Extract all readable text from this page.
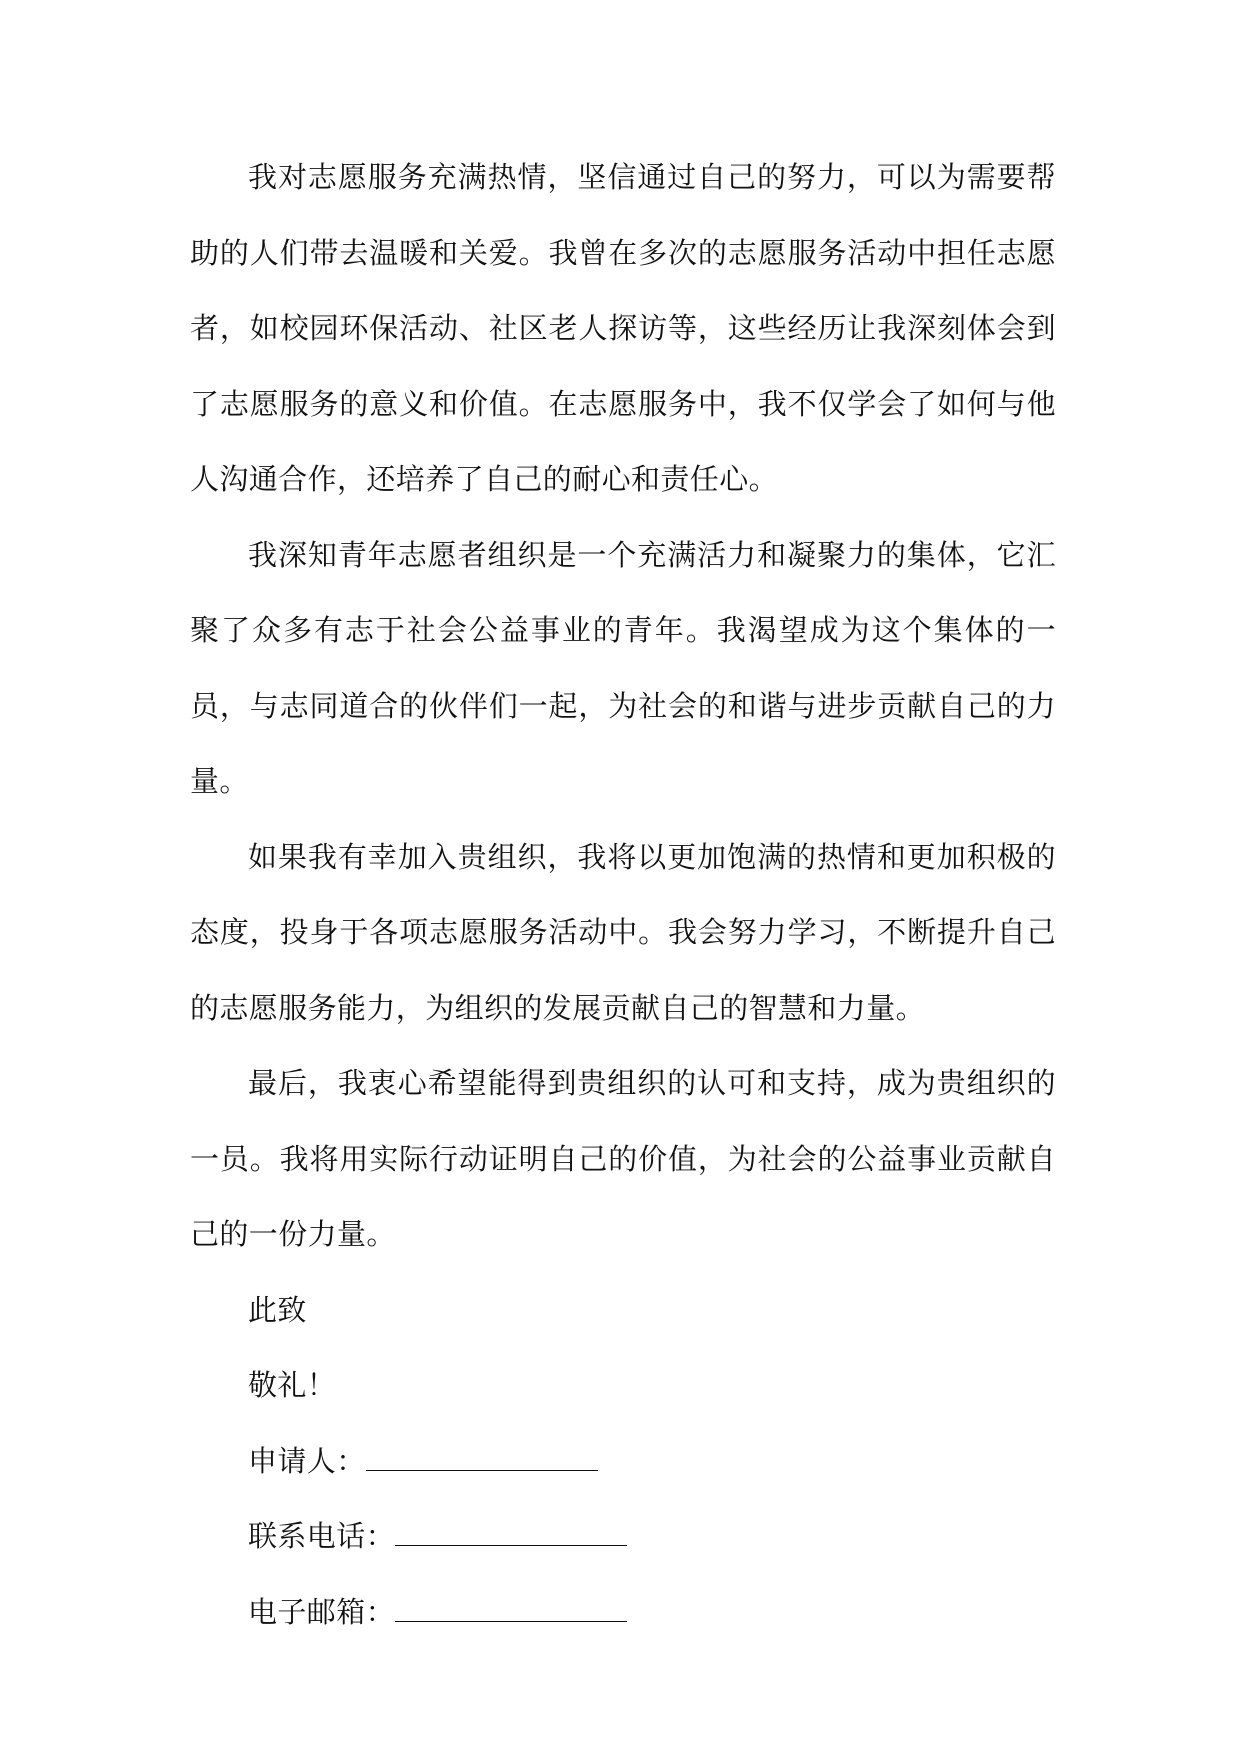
我对志愿服务充满热情，坚信通过自己的努力，可以为需要帮助的人们带去温暖和关爱。我曾在多次的志愿服务活动中担任志愿者，如校园环保活动、社区老人探访等，这些经历让我深刻体会到了志愿服务的意义和价值。在志愿服务中，我不仅学会了如何与他人沟通合作，还培养了自己的耐心和责任心。

我深知青年志愿者组织是一个充满活力和凝聚力的集体，它汇聚了众多有志于社会公益事业的青年。我渴望成为这个集体的一员，与志同道合的伙伴们一起，为社会的和谐与进步贡献自己的力量。

如果我有幸加入贵组织，我将以更加饱满的热情和更加积极的态度，投身于各项志愿服务活动中。我会努力学习，不断提升自己的志愿服务能力，为组织的发展贡献自己的智慧和力量。

最后，我衷心希望能得到贵组织的认可和支持，成为贵组织的一员。我将用实际行动证明自己的价值，为社会的公益事业贡献自己的一份力量。

此致

敬礼！

申请人：

联系电话：

电子邮箱：
